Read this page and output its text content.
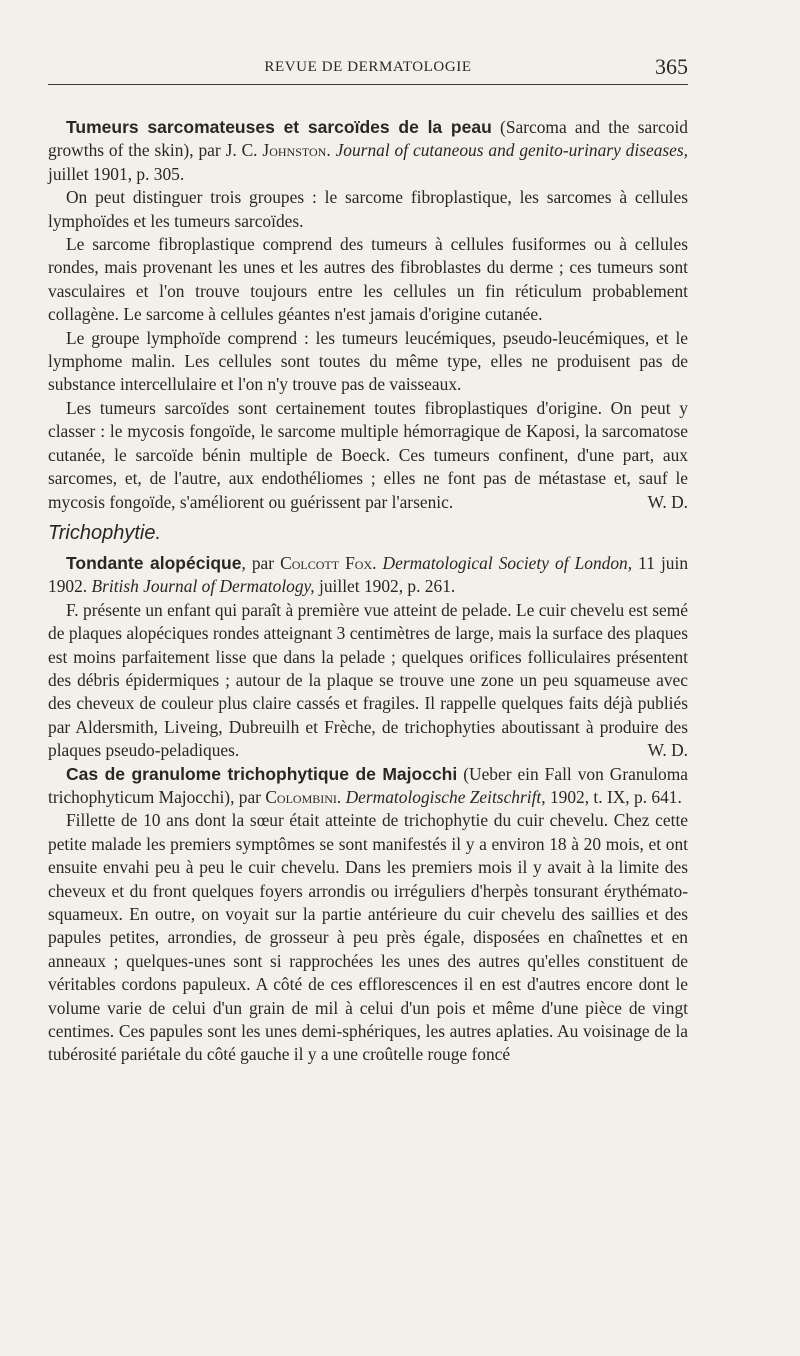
REVUE DE DERMATOLOGIE	365

Tumeurs sarcomateuses et sarcoïdes de la peau (Sarcoma and the sarcoid growths of the skin), par J. C. Johnston. Journal of cutaneous and genito-urinary diseases, juillet 1901, p. 305.

On peut distinguer trois groupes : le sarcome fibroplastique, les sarcomes à cellules lymphoïdes et les tumeurs sarcoïdes.

Le sarcome fibroplastique comprend des tumeurs à cellules fusiformes ou à cellules rondes, mais provenant les unes et les autres des fibroblastes du derme ; ces tumeurs sont vasculaires et l'on trouve toujours entre les cellules un fin réticulum probablement collagène. Le sarcome à cellules géantes n'est jamais d'origine cutanée.

Le groupe lymphoïde comprend : les tumeurs leucémiques, pseudo-leucémiques, et le lymphome malin. Les cellules sont toutes du même type, elles ne produisent pas de substance intercellulaire et l'on n'y trouve pas de vaisseaux.

Les tumeurs sarcoïdes sont certainement toutes fibroplastiques d'origine. On peut y classer : le mycosis fongoïde, le sarcome multiple hémorragique de Kaposi, la sarcomatose cutanée, le sarcoïde bénin multiple de Boeck. Ces tumeurs confinent, d'une part, aux sarcomes, et, de l'autre, aux endothéliomes ; elles ne font pas de métastase et, sauf le mycosis fongoïde, s'améliorent ou guérissent par l'arsenic.	W. D.

Trichophytie.

Tondante alopécique, par Colcott Fox. Dermatological Society of London, 11 juin 1902. British Journal of Dermatology, juillet 1902, p. 261.

F. présente un enfant qui paraît à première vue atteint de pelade. Le cuir chevelu est semé de plaques alopéciques rondes atteignant 3 centimètres de large, mais la surface des plaques est moins parfaitement lisse que dans la pelade ; quelques orifices folliculaires présentent des débris épidermiques ; autour de la plaque se trouve une zone un peu squameuse avec des cheveux de couleur plus claire cassés et fragiles. Il rappelle quelques faits déjà publiés par Aldersmith, Liveing, Dubreuilh et Frèche, de trichophyties aboutissant à produire des plaques pseudo-peladiques.	W. D.

Cas de granulome trichophytique de Majocchi (Ueber ein Fall von Granuloma trichophyticum Majocchi), par Colombini. Dermatologische Zeitschrift, 1902, t. IX, p. 641.

Fillette de 10 ans dont la sœur était atteinte de trichophytie du cuir chevelu. Chez cette petite malade les premiers symptômes se sont manifestés il y a environ 18 à 20 mois, et ont ensuite envahi peu à peu le cuir chevelu. Dans les premiers mois il y avait à la limite des cheveux et du front quelques foyers arrondis ou irréguliers d'herpès tonsurant érythémato-squameux. En outre, on voyait sur la partie antérieure du cuir chevelu des saillies et des papules petites, arrondies, de grosseur à peu près égale, disposées en chaînettes et en anneaux ; quelques-unes sont si rapprochées les unes des autres qu'elles constituent de véritables cordons papuleux. A côté de ces efflorescences il en est d'autres encore dont le volume varie de celui d'un grain de mil à celui d'un pois et même d'une pièce de vingt centimes. Ces papules sont les unes demi-sphériques, les autres aplaties. Au voisinage de la tubérosité pariétale du côté gauche il y a une croûtelle rouge foncé
